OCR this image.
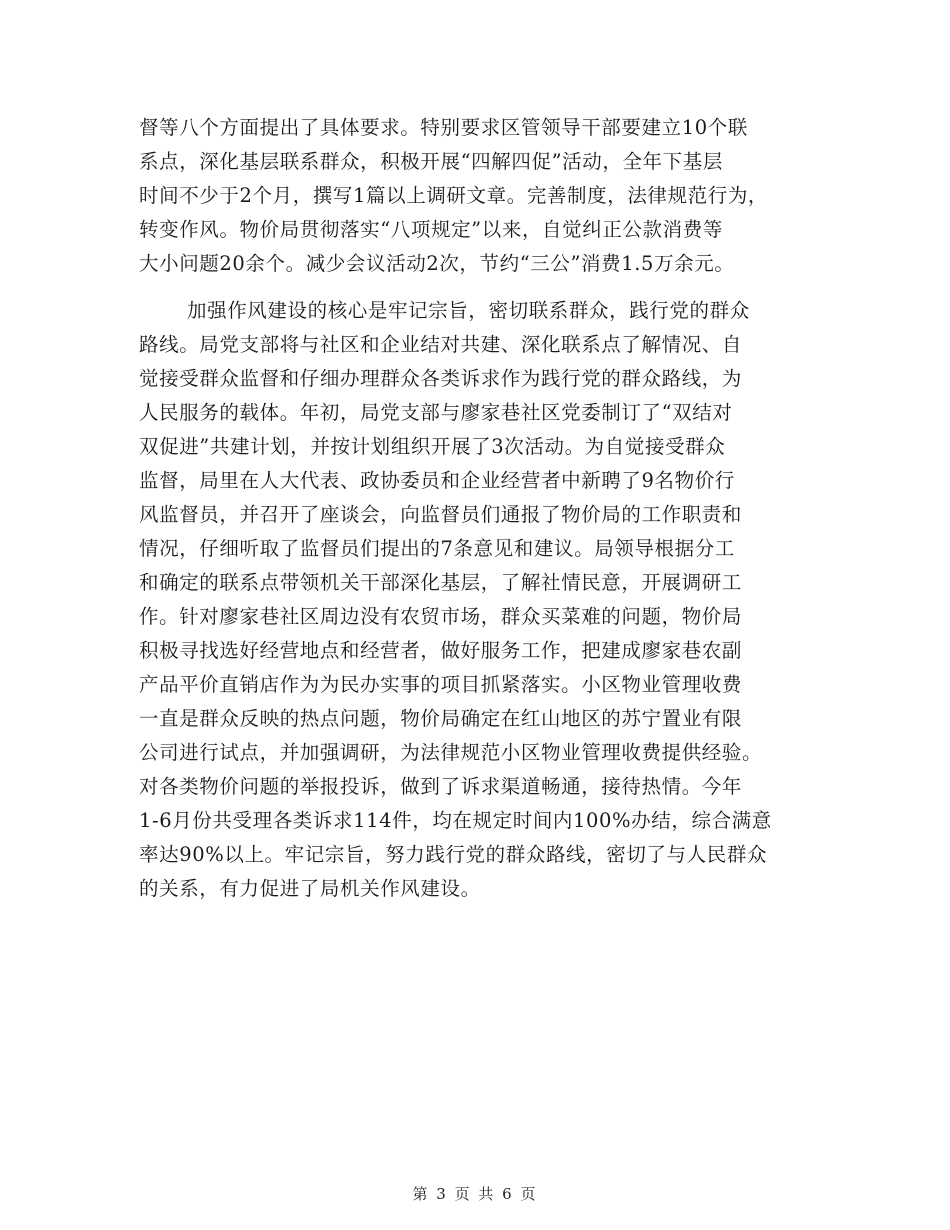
督等八个方面提出了具体要求。特别要求区管领导干部要建立10个联
系点，深化基层联系群众，积极开展“四解四促”活动，全年下基层
时间不少于2个月，撰写1篇以上调研文章。完善制度，法律规范行为，
转变作风。物价局贯彻落实“八项规定”以来，自觉纠正公款消费等
大小问题20余个。减少会议活动2次，节约“三公”消费1.5万余元。
加强作风建设的核心是牢记宗旨，密切联系群众，践行党的群众
路线。局党支部将与社区和企业结对共建、深化联系点了解情况、自
觉接受群众监督和仔细办理群众各类诉求作为践行党的群众路线，为
人民服务的载体。年初，局党支部与廖家巷社区党委制订了“双结对
双促进”共建计划，并按计划组织开展了3次活动。为自觉接受群众
监督，局里在人大代表、政协委员和企业经营者中新聘了9名物价行
风监督员，并召开了座谈会，向监督员们通报了物价局的工作职责和
情况，仔细听取了监督员们提出的7条意见和建议。局领导根据分工
和确定的联系点带领机关干部深化基层，了解社情民意，开展调研工
作。针对廖家巷社区周边没有农贸市场，群众买菜难的问题，物价局
积极寻找选好经营地点和经营者，做好服务工作，把建成廖家巷农副
产品平价直销店作为为民办实事的项目抓紧落实。小区物业管理收费
一直是群众反映的热点问题，物价局确定在红山地区的苏宁置业有限
公司进行试点，并加强调研，为法律规范小区物业管理收费提供经验。
对各类物价问题的举报投诉，做到了诉求渠道畅通，接待热情。今年
1-6月份共受理各类诉求114件，均在规定时间内100%办结，综合满意
率达90%以上。牢记宗旨，努力践行党的群众路线，密切了与人民群众
的关系，有力促进了局机关作风建设。
第 3 页 共 6 页
